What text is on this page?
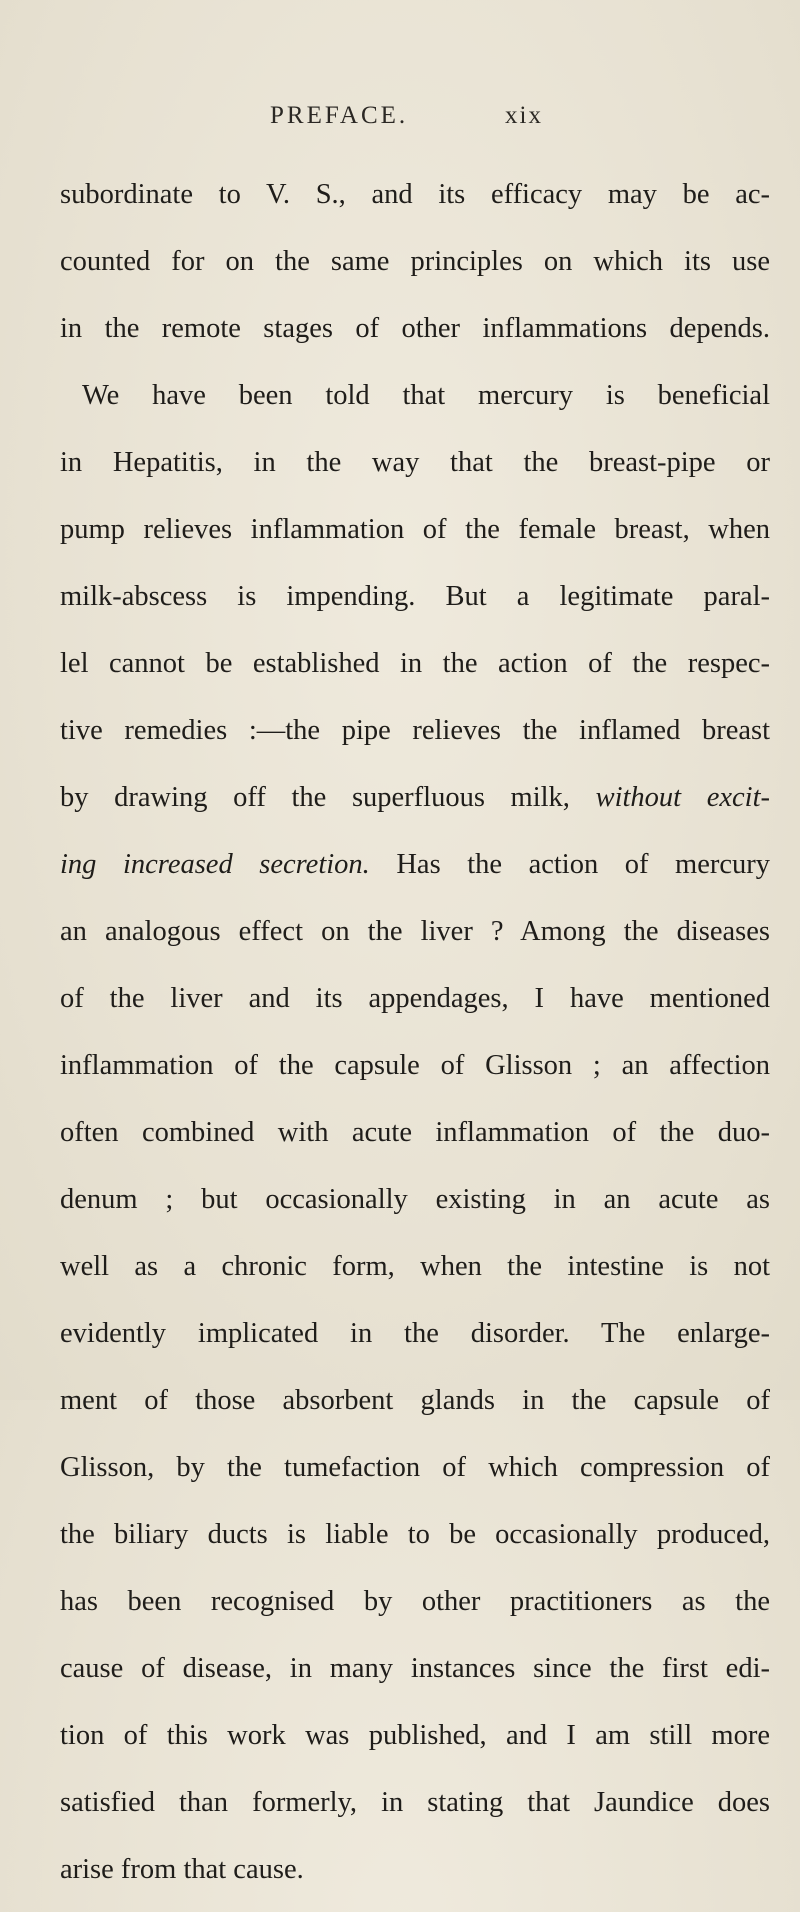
PREFACE.	xix
subordinate to V. S., and its efficacy may be ac-
counted for on the same principles on which its use
in the remote stages of other inflammations depends.
We have been told that mercury is beneficial
in Hepatitis, in the way that the breast-pipe or
pump relieves inflammation of the female breast, when
milk-abscess is impending. But a legitimate paral-
lel cannot be established in the action of the respec-
tive remedies :—the pipe relieves the inflamed breast
by drawing off the superfluous milk, without excit-
ing increased secretion. Has the action of mercury
an analogous effect on the liver ? Among the diseases
of the liver and its appendages, I have mentioned
inflammation of the capsule of Glisson ; an affection
often combined with acute inflammation of the duo-
denum ; but occasionally existing in an acute as
well as a chronic form, when the intestine is not
evidently implicated in the disorder. The enlarge-
ment of those absorbent glands in the capsule of
Glisson, by the tumefaction of which compression of
the biliary ducts is liable to be occasionally produced,
has been recognised by other practitioners as the
cause of disease, in many instances since the first edi-
tion of this work was published, and I am still more
satisfied than formerly, in stating that Jaundice does
arise from that cause.
